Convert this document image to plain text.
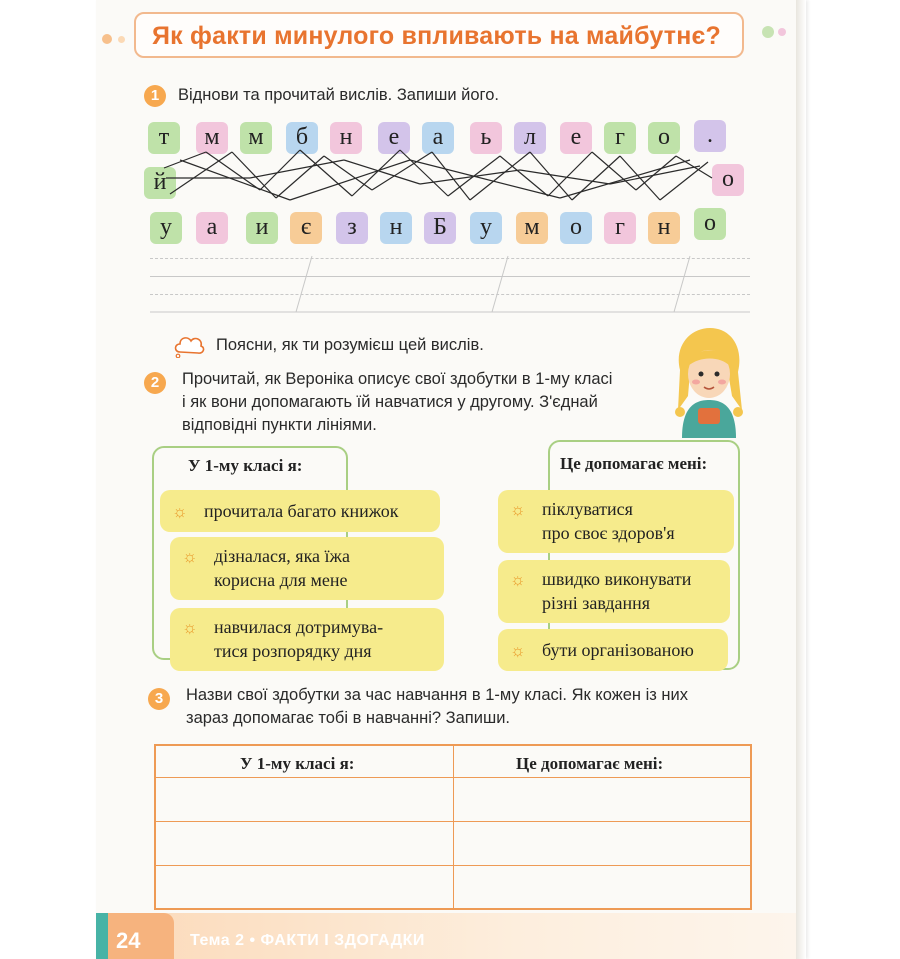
Як факти минулого впливають на майбутнє?
1	Віднови та прочитай вислів. Запиши його.
т	м	м	б	н	е	а	ь	л	е	г	о	.
у	а	и	є	з	н	Б	у	м	о	г	н	о
й	о
Поясни, як ти розумієш цей вислів.
2	Прочитай, як Вероніка описує свої здобутки в 1-му класі
і як вони допомагають їй навчатися у другому. З'єднай
відповідні пункти лініями.
У 1-му класі я:
☼ прочитала багато книжок
☼ дізналася, яка їжа
корисна для мене
☼ навчилася дотримува-
тися розпорядку дня
Це допомагає мені:
☼ піклуватися
про своє здоров'я
☼ швидко виконувати
різні завдання
☼ бути організованою
3	Назви свої здобутки за час навчання в 1-му класі. Як кожен із них
зараз допомагає тобі в навчанні? Запиши.
У 1-му класі я:	Це допомагає мені:
24	Тема 2 • ФАКТИ І ЗДОГАДКИ
